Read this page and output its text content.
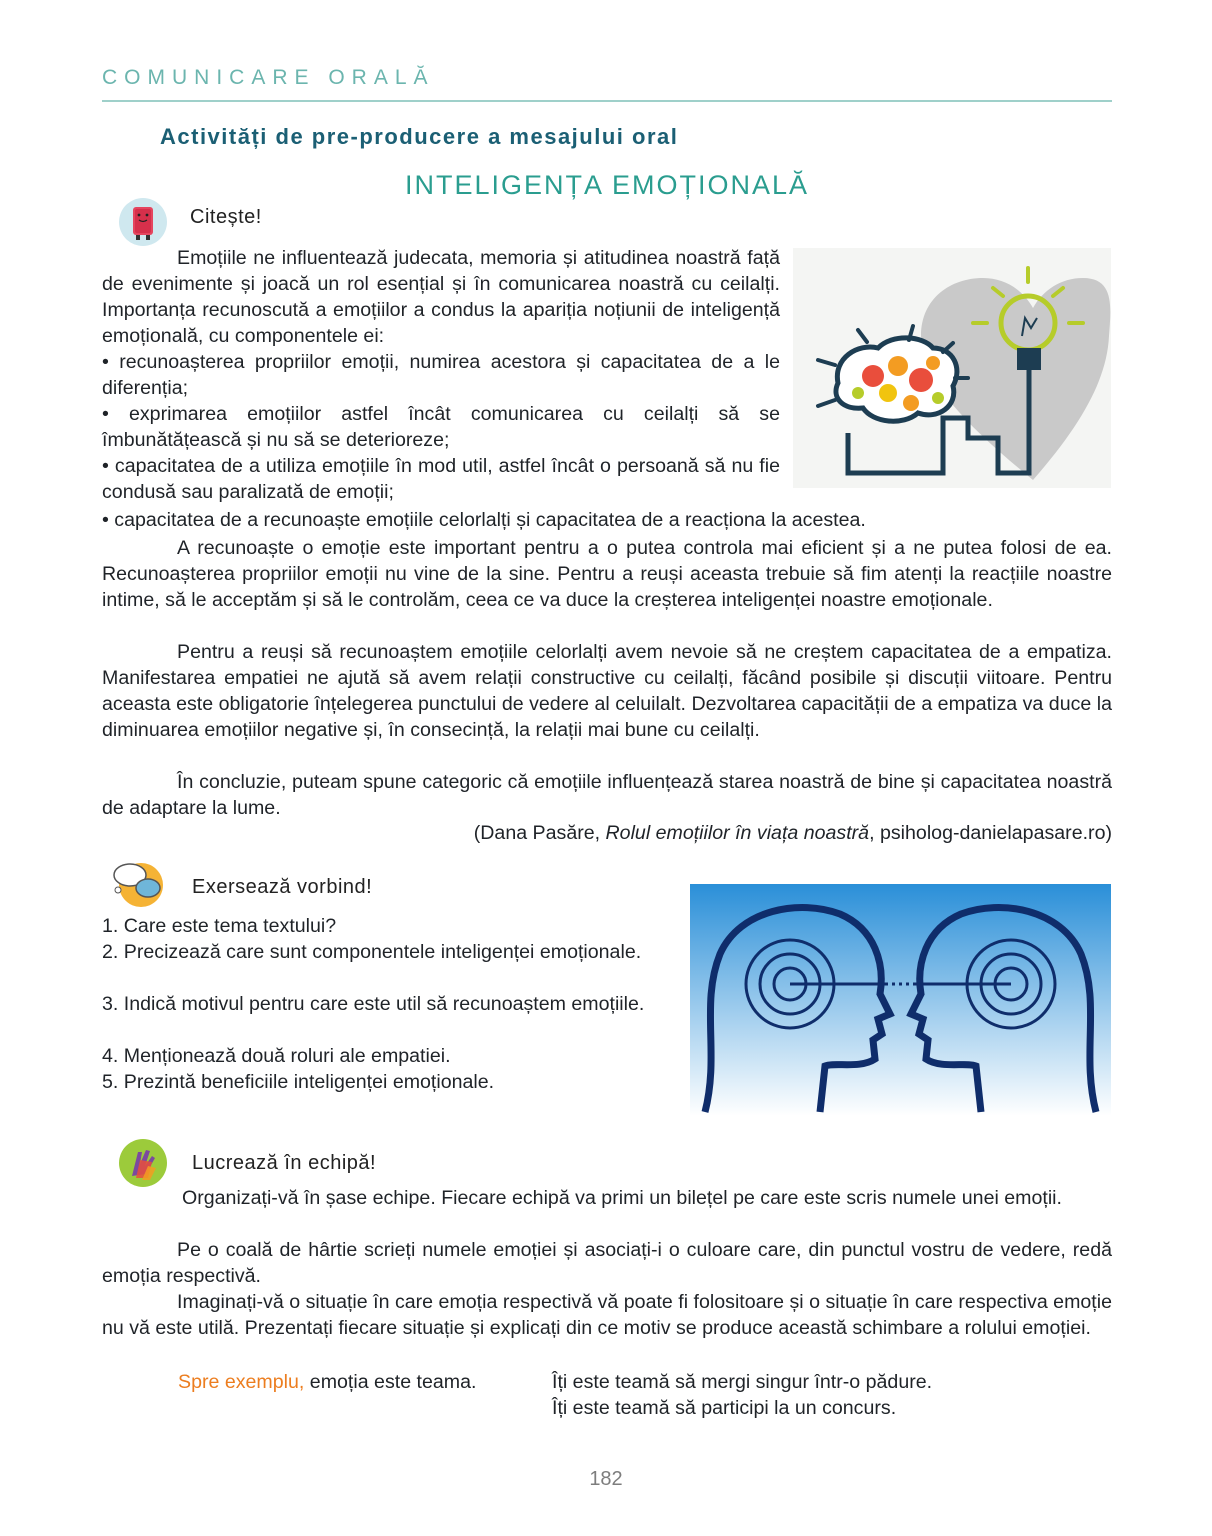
COMUNICARE ORALĂ
Activități de pre-producere a mesajului oral
INTELIGENȚA EMOȚIONALĂ
Citește!

Emoțiile ne influentează judecata, memoria și atitudinea noastră față de evenimente și joacă un rol esențial și în comunicarea noastră cu ceilalți. Importanța recunoscută a emoțiilor a condus la apariția noțiunii de inteligență emoțională, cu componentele ei:

• recunoașterea propriilor emoții, numirea acestora și capacitatea de a le diferenția;

• exprimarea emoțiilor astfel încât comunicarea cu ceilalți să se îmbunătățească și nu să se deterioreze;

• capacitatea de a utiliza emoțiile în mod util, astfel încât o persoană să nu fie condusă sau paralizată de emoții;

• capacitatea de a recunoaște emoțiile celorlalți și capacitatea de a reacționa la acestea.

A recunoaște o emoție este important pentru a o putea controla mai eficient și a ne putea folosi de ea. Recunoașterea propriilor emoții nu vine de la sine. Pentru a reuși aceasta trebuie să fim atenți la reacțiile noastre intime, să le acceptăm și să le controlăm, ceea ce va duce la creșterea inteligenței noastre emoționale.

Pentru a reuși să recunoaștem emoțiile celorlalți avem nevoie să ne creștem capacitatea de a empatiza. Manifestarea empatiei ne ajută să avem relații constructive cu ceilalți, făcând posibile și discuții viitoare. Pentru aceasta este obligatorie înțelegerea punctului de vedere al celuilalt. Dezvoltarea capacității de a empatiza va duce la diminuarea emoțiilor negative și, în consecință, la relații mai bune cu ceilalți.

În concluzie, puteam spune categoric că emoțiile influențează starea noastră de bine și capacitatea noastră de adaptare la lume.

(Dana Pasăre, Rolul emoțiilor în viața noastră, psiholog-danielapasare.ro)
Exersează vorbind!

1. Care este tema textului?

2. Precizează care sunt componentele inteligenței emoționale.

3. Indică motivul pentru care este util să recunoaștem emoțiile.

4. Menționează două roluri ale empatiei.

5. Prezintă beneficiile inteligenței emoționale.

Lucrează în echipă!

Organizați-vă în șase echipe. Fiecare echipă va primi un bilețel pe care este scris numele unei emoții.

Pe o coală de hârtie scrieți numele emoției și asociați-i o culoare care, din punctul vostru de vedere, redă emoția respectivă.

Imaginați-vă o situație în care emoția respectivă vă poate fi folositoare și o situație în care respectiva emoție nu vă este utilă. Prezentați fiecare situație și explicați din ce motiv se produce această schimbare a rolului emoției.

Spre exemplu, emoția este teama.	Îți este teamă să mergi singur într-o pădure.
Îți este teamă să participi la un concurs.
182
